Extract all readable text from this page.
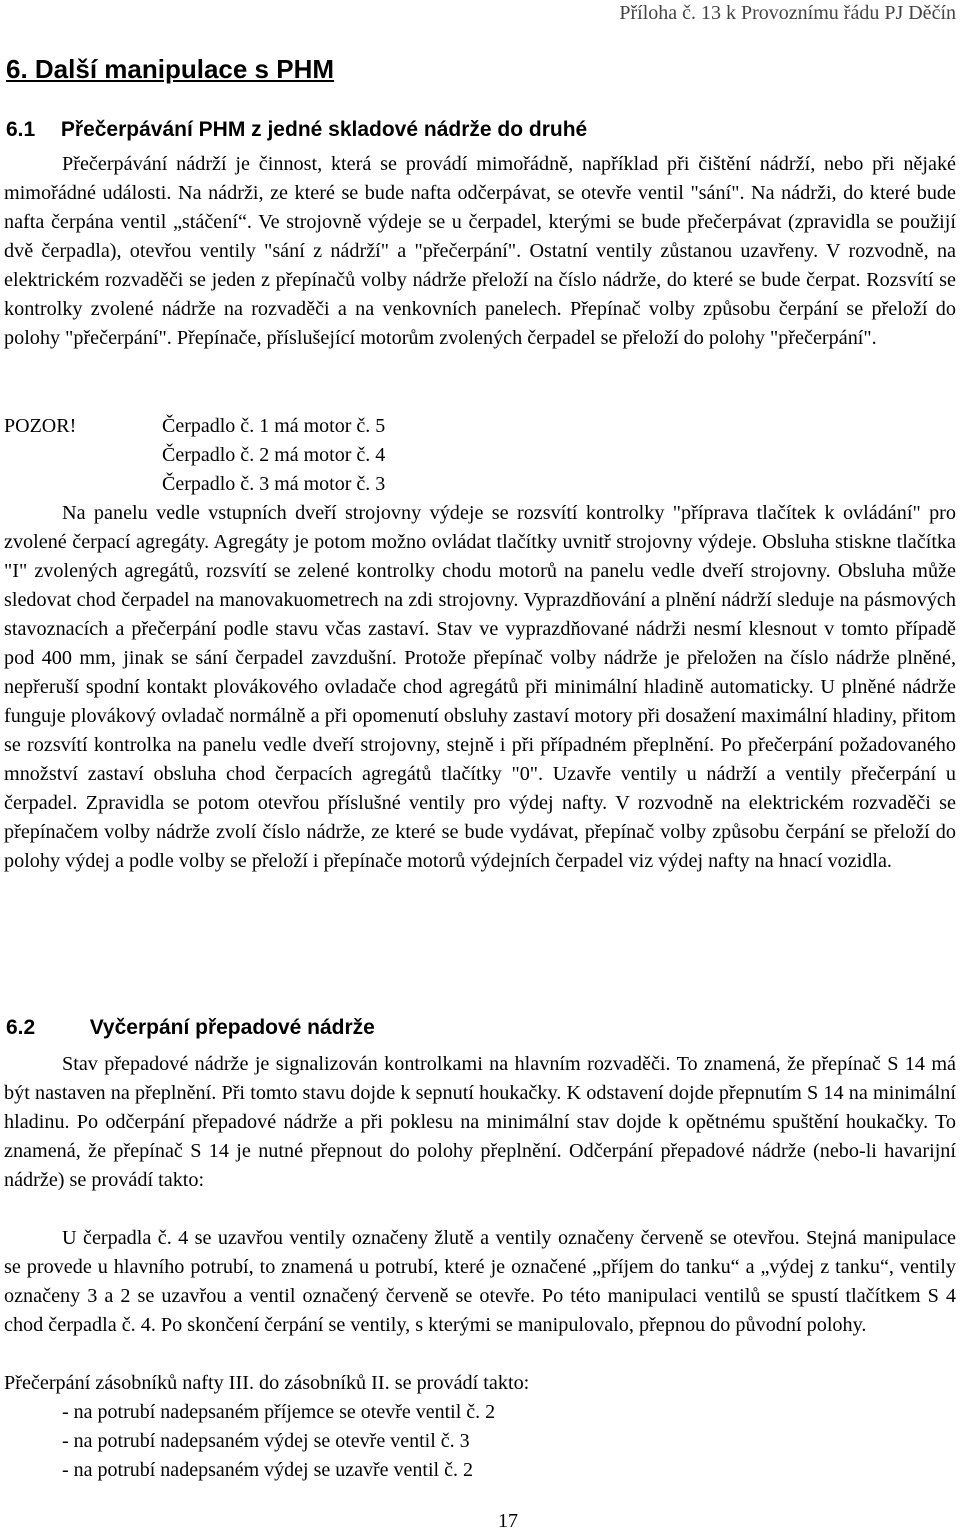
Příloha č. 13 k Provoznímu řádu PJ Děčín
6. Další manipulace s PHM
6.1 Přečerpávání PHM z jedné skladové nádrže do druhé
Přečerpávání nádrží je činnost, která se provádí mimořádně, například při čištění nádrží, nebo při nějaké mimořádné události. Na nádrži, ze které se bude nafta odčerpávat, se otevře ventil "sání". Na nádrži, do které bude nafta čerpána ventil „stáčení“. Ve strojovně výdeje se u čerpadel, kterými se bude přečerpávat (zpravidla se použijí dvě čerpadla), otevřou ventily "sání z nádrží" a "přečerpání". Ostatní ventily zůstanou uzavřeny. V rozvodně, na elektrickém rozvaděči se jeden z přepínačů volby nádrže přeloží na číslo nádrže, do které se bude čerpat. Rozsvítí se kontrolky zvolené nádrže na rozvaděči a na venkovních panelech. Přepínač volby způsobu čerpání se přeloží do polohy "přečerpání". Přepínače, příslušející motorům zvolených čerpadel se přeloží do polohy "přečerpání".
POZOR!	Čerpadlo č. 1 má motor č. 5
Čerpadlo č. 2 má motor č. 4
Čerpadlo č. 3 má motor č. 3
Na panelu vedle vstupních dveří strojovny výdeje se rozsvítí kontrolky "příprava tlačítek k ovládání" pro zvolené čerpací agregáty. Agregáty je potom možno ovládat tlačítky uvnitř strojovny výdeje. Obsluha stiskne tlačítka "I" zvolených agregátů, rozsvítí se zelené kontrolky chodu motorů na panelu vedle dveří strojovny. Obsluha může sledovat chod čerpadel na manovakuometrech na zdi strojovny. Vyprazdňování a plnění nádrží sleduje na pásmových stavoznacích a přečerpání podle stavu včas zastaví. Stav ve vyprazdňované nádrži nesmí klesnout v tomto případě pod 400 mm, jinak se sání čerpadel zavzdušní. Protože přepínač volby nádrže je přeložen na číslo nádrže plněné, nepřeruší spodní kontakt plovákového ovladače chod agregátů při minimální hladině automaticky. U plněné nádrže funguje plovákový ovladač normálně a při opomenutí obsluhy zastaví motory při dosažení maximální hladiny, přitom se rozsvítí kontrolka na panelu vedle dveří strojovny, stejně i při případném přeplnění. Po přečerpání požadovaného množství zastaví obsluha chod čerpacích agregátů tlačítky "0". Uzavře ventily u nádrží a ventily přečerpání u čerpadel. Zpravidla se potom otevřou příslušné ventily pro výdej nafty. V rozvodně na elektrickém rozvaděči se přepínačem volby nádrže zvolí číslo nádrže, ze které se bude vydávat, přepínač volby způsobu čerpání se přeloží do polohy výdej a podle volby se přeloží i přepínače motorů výdejních čerpadel viz výdej nafty na hnací vozidla.
6.2	Vyčerpání přepadové nádrže
Stav přepadové nádrže je signalizován kontrolkami na hlavním rozvaděči. To znamená, že přepínač S 14 má být nastaven na přeplnění. Při tomto stavu dojde k sepnutí houkačky. K odstavení dojde přepnutím S 14 na minimální hladinu. Po odčerpání přepadové nádrže a při poklesu na minimální stav dojde k opětnému spuštění houkačky. To znamená, že přepínač S 14 je nutné přepnout do polohy přeplnění. Odčerpání přepadové nádrže (nebo-li havarijní nádrže) se provádí takto:
U čerpadla č. 4 se uzavřou ventily označeny žlutě a ventily označeny červeně se otevřou. Stejná manipulace se provede u hlavního potrubí, to znamená u potrubí, které je označené „příjem do tanku“ a „výdej z tanku“, ventily označeny 3 a 2 se uzavřou a ventil označený červeně se otevře. Po této manipulaci ventilů se spustí tlačítkem S 4 chod čerpadla č. 4. Po skončení čerpání se ventily, s kterými se manipulovalo, přepnou do původní polohy.
Přečerpání zásobníků nafty III. do zásobníků II. se provádí takto:
- na potrubí nadepsaném příjemce se otevře ventil č. 2
- na potrubí nadepsaném výdej se otevře ventil č. 3
- na potrubí nadepsaném výdej se uzavře ventil č. 2
17
